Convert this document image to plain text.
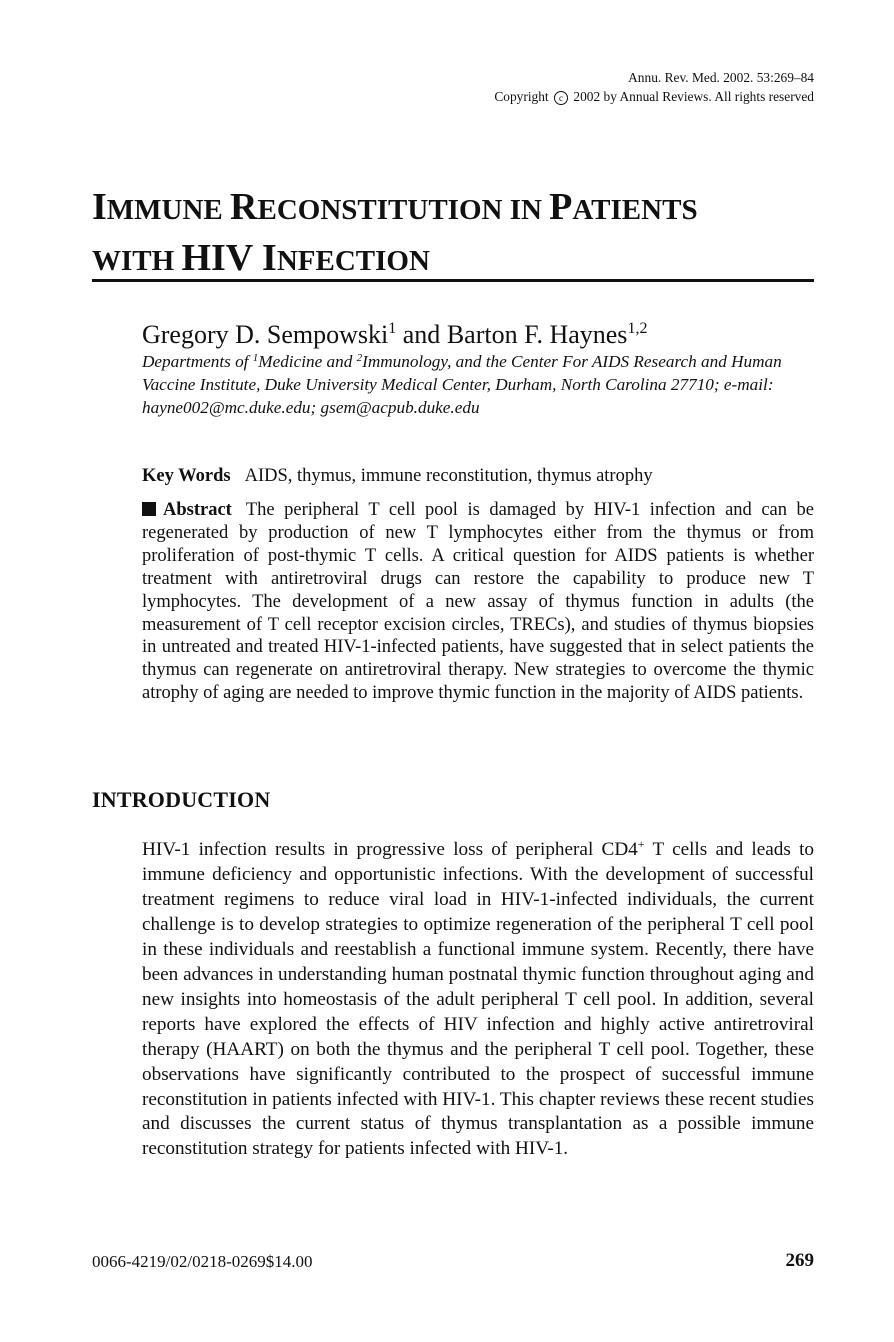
Annu. Rev. Med. 2002. 53:269–84
Copyright c 2002 by Annual Reviews. All rights reserved
IMMUNE RECONSTITUTION IN PATIENTS
WITH HIV INFECTION
Gregory D. Sempowski$^1$ and Barton F. Haynes$^{1,2}$
Departments of $^1$Medicine and $^2$Immunology, and the Center For AIDS Research and Human Vaccine Institute, Duke University Medical Center, Durham, North Carolina 27710; e-mail: hayne002@mc.duke.edu; gsem@acpub.duke.edu
Key Words AIDS, thymus, immune reconstitution, thymus atrophy
Abstract The peripheral T cell pool is damaged by HIV-1 infection and can be regenerated by production of new T lymphocytes either from the thymus or from proliferation of post-thymic T cells. A critical question for AIDS patients is whether treatment with antiretroviral drugs can restore the capability to produce new T lymphocytes. The development of a new assay of thymus function in adults (the measurement of T cell receptor excision circles, TRECs), and studies of thymus biopsies in untreated and treated HIV-1-infected patients, have suggested that in select patients the thymus can regenerate on antiretroviral therapy. New strategies to overcome the thymic atrophy of aging are needed to improve thymic function in the majority of AIDS patients.
INTRODUCTION
HIV-1 infection results in progressive loss of peripheral CD4+ T cells and leads to immune deficiency and opportunistic infections. With the development of successful treatment regimens to reduce viral load in HIV-1-infected individuals, the current challenge is to develop strategies to optimize regeneration of the peripheral T cell pool in these individuals and reestablish a functional immune system. Recently, there have been advances in understanding human postnatal thymic function throughout aging and new insights into homeostasis of the adult peripheral T cell pool. In addition, several reports have explored the effects of HIV infection and highly active antiretroviral therapy (HAART) on both the thymus and the peripheral T cell pool. Together, these observations have significantly contributed to the prospect of successful immune reconstitution in patients infected with HIV-1. This chapter reviews these recent studies and discusses the current status of thymus transplantation as a possible immune reconstitution strategy for patients infected with HIV-1.
0066-4219/02/0218-0269$14.00	269
